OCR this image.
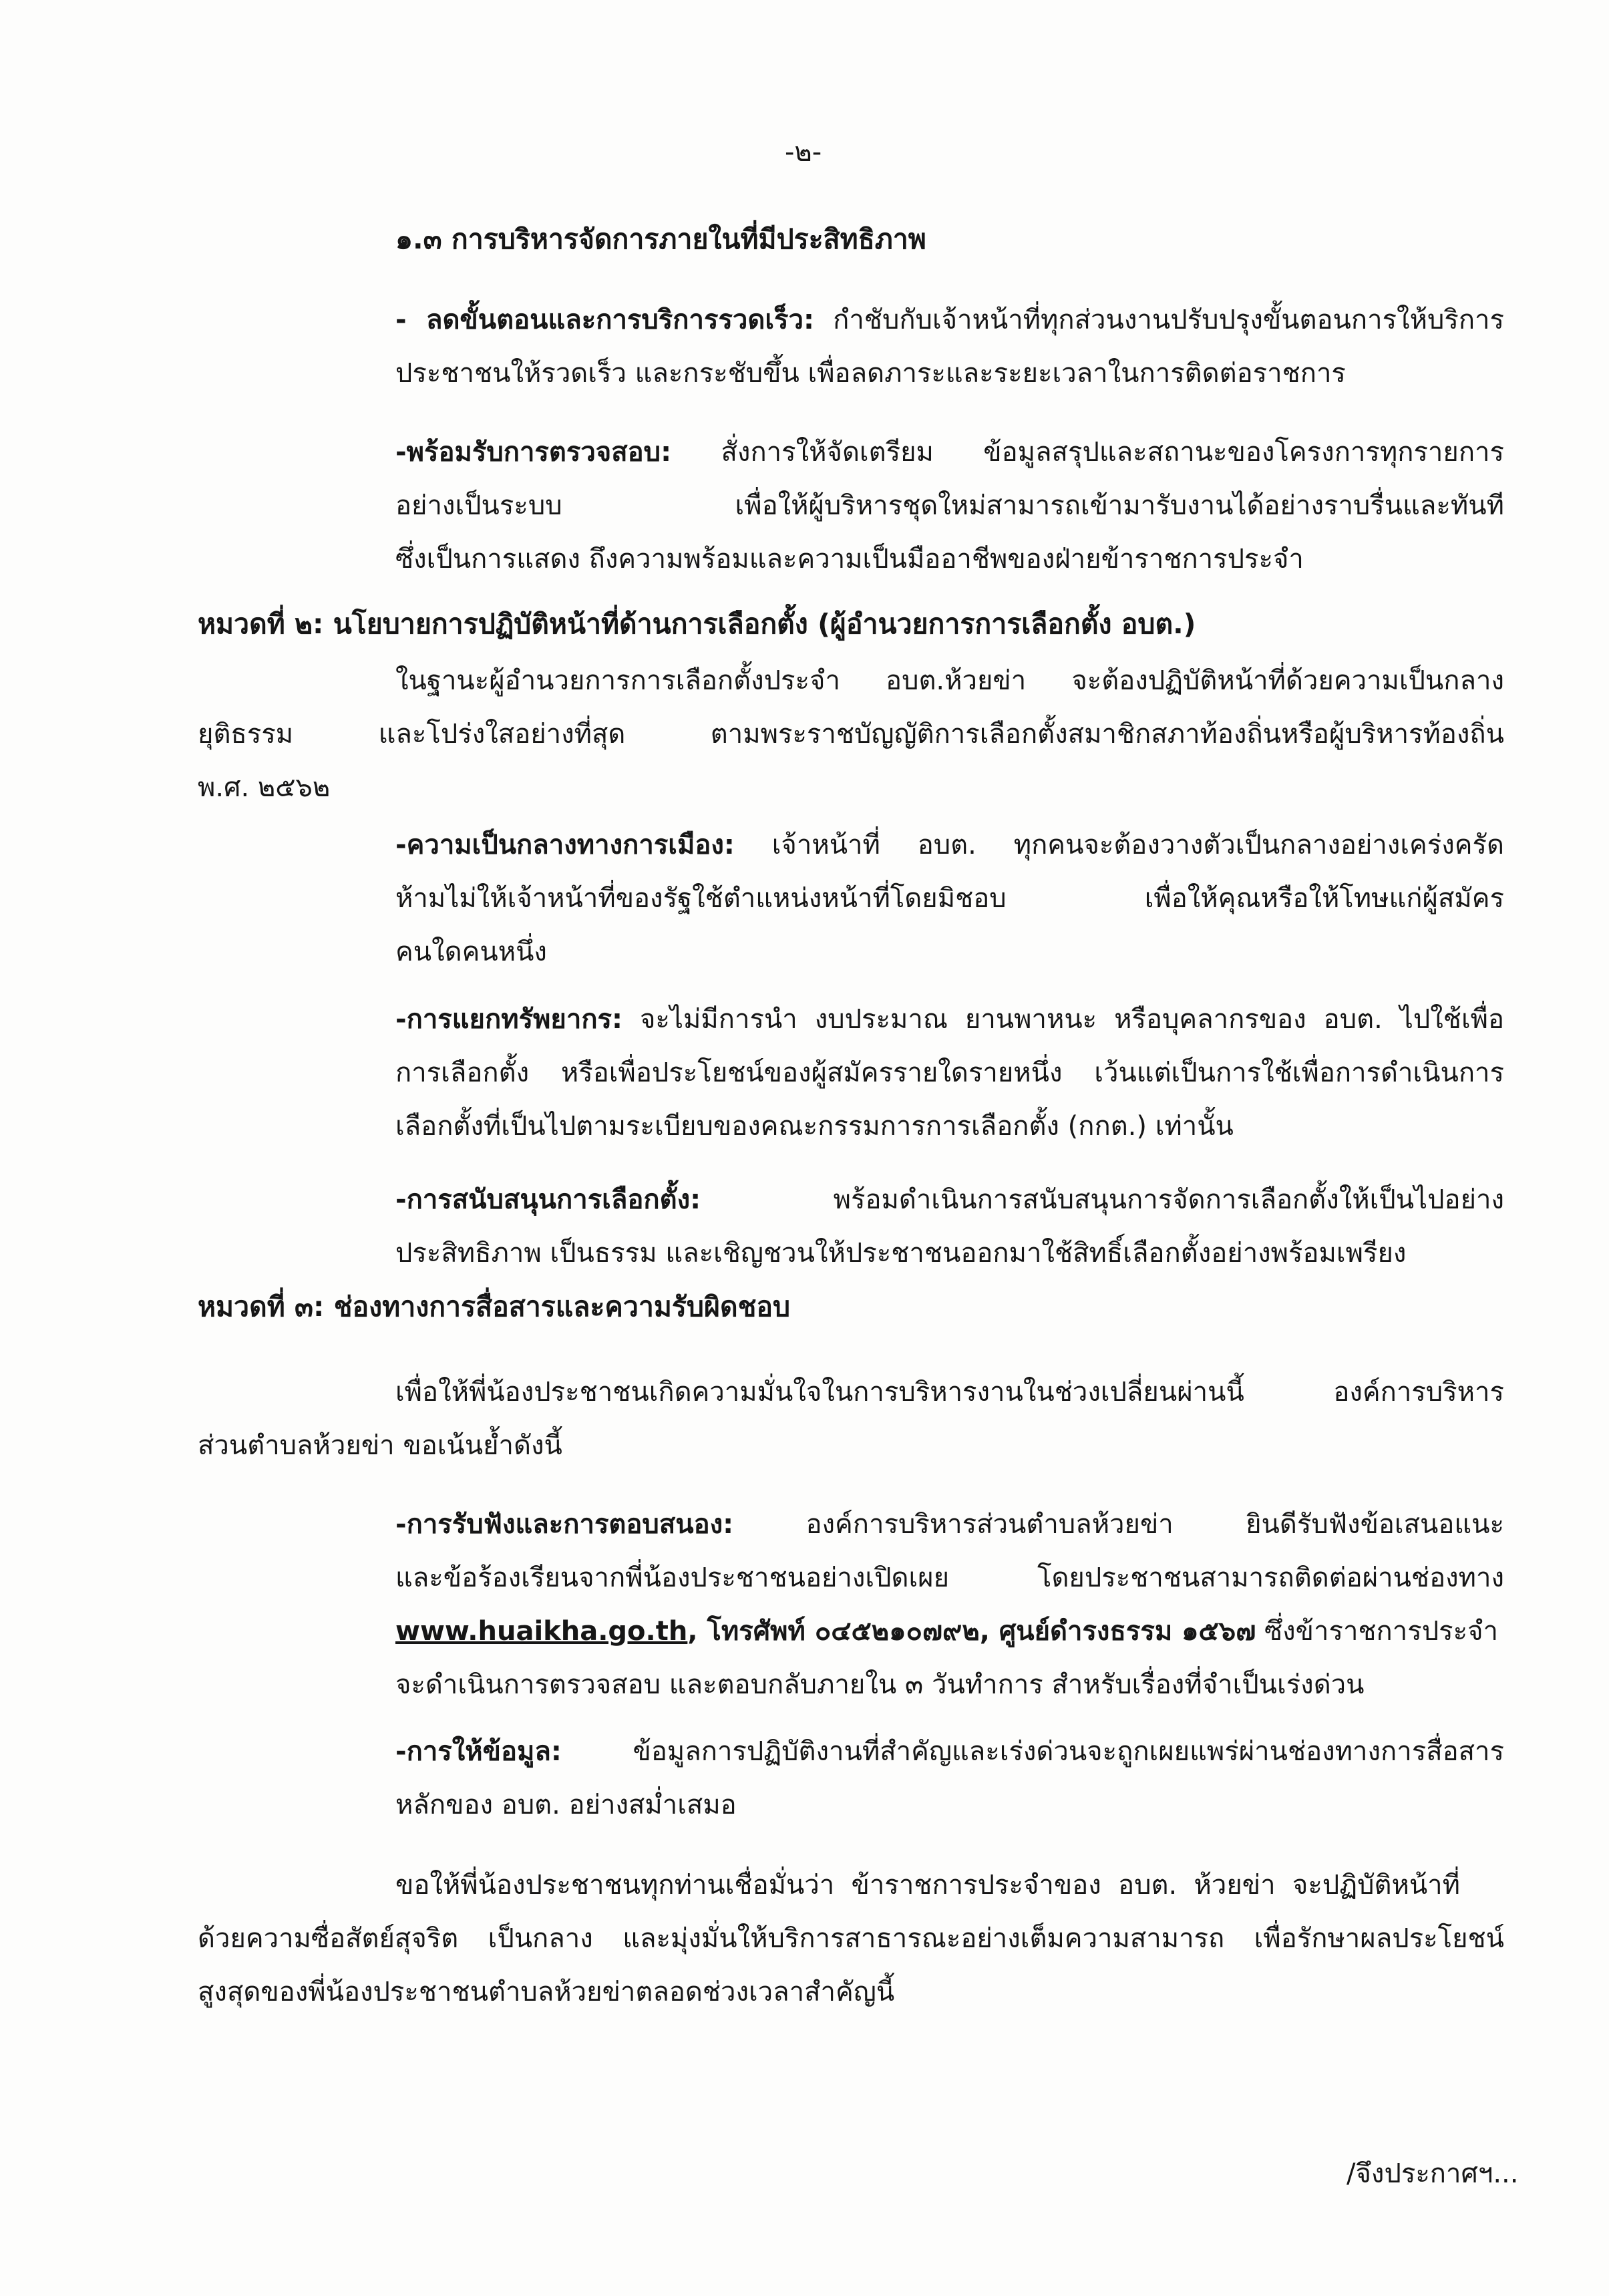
-๒-
๑.๓ การบริหารจัดการภายในที่มีประสิทธิภาพ
- ลดขั้นตอนและการบริการรวดเร็ว: กำชับกับเจ้าหน้าที่ทุกส่วนงานปรับปรุงขั้นตอนการให้บริการ
ประชาชนให้รวดเร็ว และกระชับขึ้น เพื่อลดภาระและระยะเวลาในการติดต่อราชการ
-พร้อมรับการตรวจสอบ: สั่งการให้จัดเตรียม ข้อมูลสรุปและสถานะของโครงการทุกรายการ
อย่างเป็นระบบ เพื่อให้ผู้บริหารชุดใหม่สามารถเข้ามารับงานได้อย่างราบรื่นและทันที
ซึ่งเป็นการแสดง ถึงความพร้อมและความเป็นมืออาชีพของฝ่ายข้าราชการประจำ
หมวดที่ ๒: นโยบายการปฏิบัติหน้าที่ด้านการเลือกตั้ง (ผู้อำนวยการการเลือกตั้ง อบต.)
ในฐานะผู้อำนวยการการเลือกตั้งประจำ อบต.ห้วยข่า จะต้องปฏิบัติหน้าที่ด้วยความเป็นกลาง
ยุติธรรม และโปร่งใสอย่างที่สุด ตามพระราชบัญญัติการเลือกตั้งสมาชิกสภาท้องถิ่นหรือผู้บริหารท้องถิ่น
พ.ศ. ๒๕๖๒
-ความเป็นกลางทางการเมือง: เจ้าหน้าที่ อบต. ทุกคนจะต้องวางตัวเป็นกลางอย่างเคร่งครัด
ห้ามไม่ให้เจ้าหน้าที่ของรัฐใช้ตำแหน่งหน้าที่โดยมิชอบ เพื่อให้คุณหรือให้โทษแก่ผู้สมัคร
คนใดคนหนึ่ง
-การแยกทรัพยากร: จะไม่มีการนำ งบประมาณ ยานพาหนะ หรือบุคลากรของ อบต. ไปใช้เพื่อ
การเลือกตั้ง หรือเพื่อประโยชน์ของผู้สมัครรายใดรายหนึ่ง เว้นแต่เป็นการใช้เพื่อการดำเนินการ
เลือกตั้งที่เป็นไปตามระเบียบของคณะกรรมการการเลือกตั้ง (กกต.) เท่านั้น
-การสนับสนุนการเลือกตั้ง: พร้อมดำเนินการสนับสนุนการจัดการเลือกตั้งให้เป็นไปอย่าง
ประสิทธิภาพ เป็นธรรม และเชิญชวนให้ประชาชนออกมาใช้สิทธิ์เลือกตั้งอย่างพร้อมเพรียง
หมวดที่ ๓: ช่องทางการสื่อสารและความรับผิดชอบ
เพื่อให้พี่น้องประชาชนเกิดความมั่นใจในการบริหารงานในช่วงเปลี่ยนผ่านนี้ องค์การบริหาร
ส่วนตำบลห้วยข่า ขอเน้นย้ำดังนี้
-การรับฟังและการตอบสนอง: องค์การบริหารส่วนตำบลห้วยข่า ยินดีรับฟังข้อเสนอแนะ
และข้อร้องเรียนจากพี่น้องประชาชนอย่างเปิดเผย โดยประชาชนสามารถติดต่อผ่านช่องทาง
www.huaikha.go.th, โทรศัพท์ ๐๔๕๒๑๐๗๙๒, ศูนย์ดำรงธรรม ๑๕๖๗ ซึ่งข้าราชการประจำ
จะดำเนินการตรวจสอบ และตอบกลับภายใน ๓ วันทำการ สำหรับเรื่องที่จำเป็นเร่งด่วน
-การให้ข้อมูล: ข้อมูลการปฏิบัติงานที่สำคัญและเร่งด่วนจะถูกเผยแพร่ผ่านช่องทางการสื่อสาร
หลักของ อบต. อย่างสม่ำเสมอ
ขอให้พี่น้องประชาชนทุกท่านเชื่อมั่นว่า ข้าราชการประจำของ อบต. ห้วยข่า จะปฏิบัติหน้าที่
ด้วยความซื่อสัตย์สุจริต เป็นกลาง และมุ่งมั่นให้บริการสาธารณะอย่างเต็มความสามารถ เพื่อรักษาผลประโยชน์
สูงสุดของพี่น้องประชาชนตำบลห้วยข่าตลอดช่วงเวลาสำคัญนี้
/จึงประกาศฯ...
